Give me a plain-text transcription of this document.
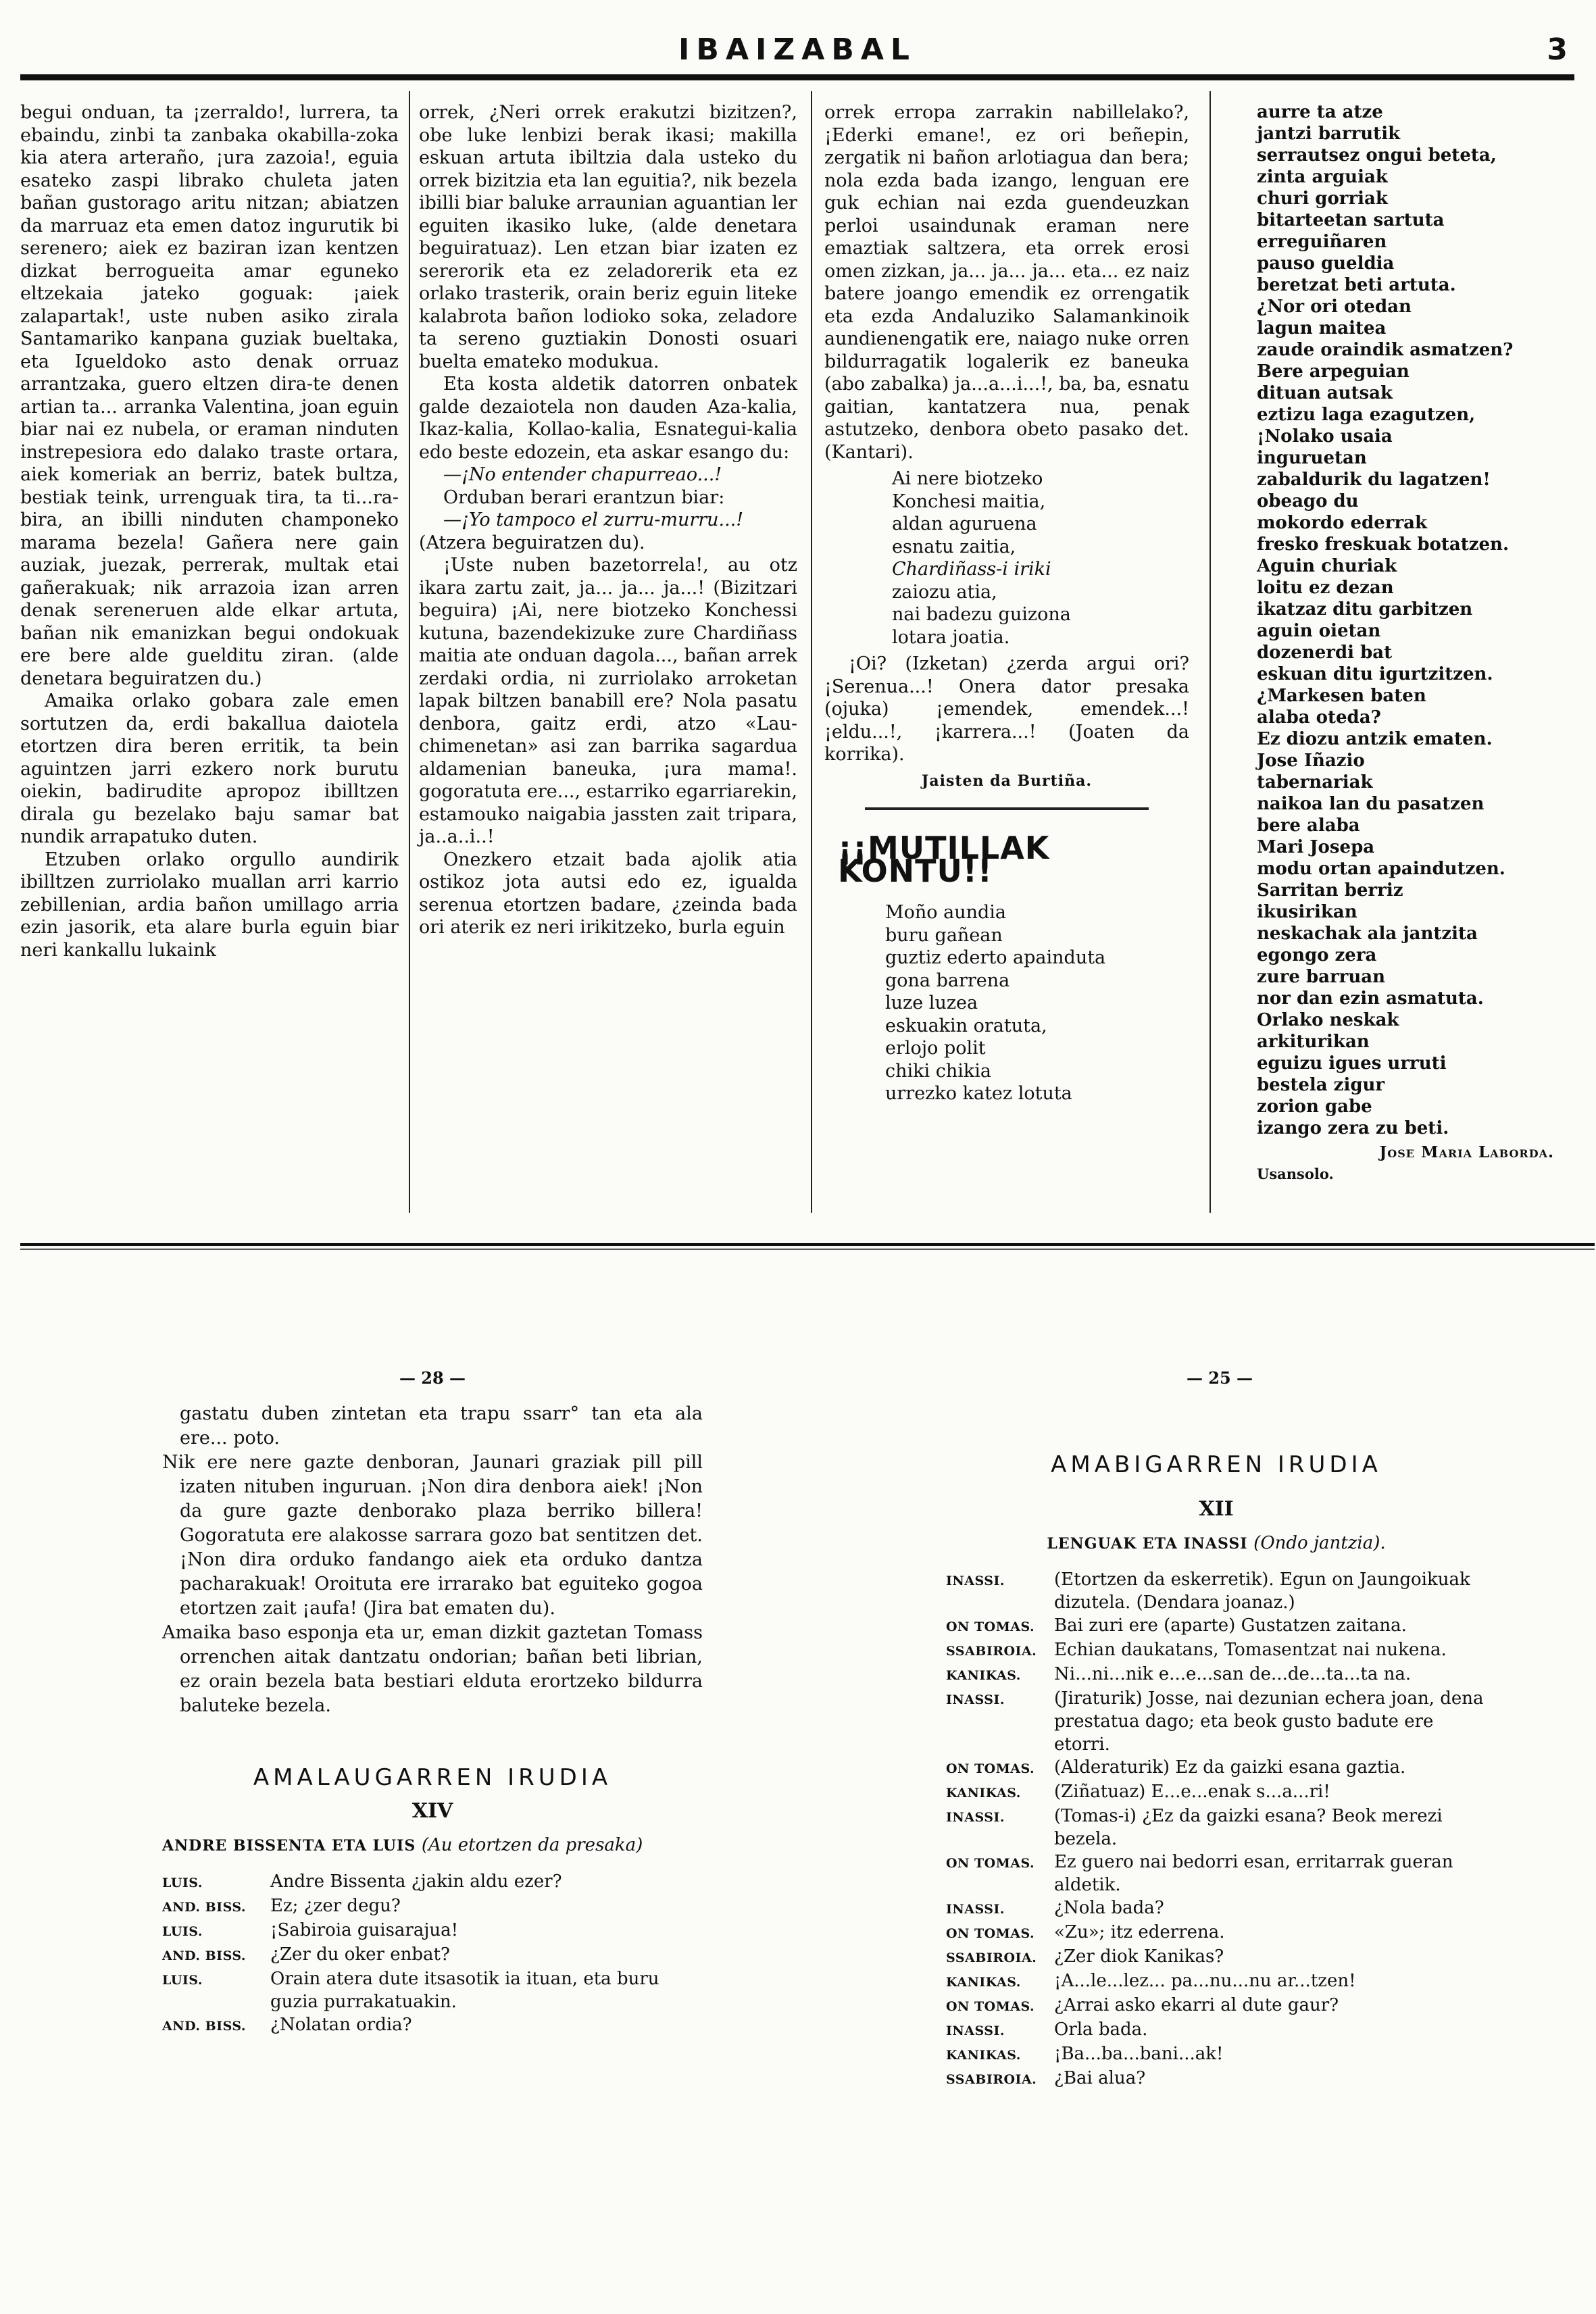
IBAIZABAL	3

begui onduan, ta ¡zerraldo!, lurrera, ta ebaindu, zinbi ta zanbaka okabilla-zoka kia atera arteraño, ¡ura zazoia!, eguia esateko zaspi librako chuleta jaten bañan gustorago aritu nitzan; abiatzen da marruaz eta emen datoz ingurutik bi serenero; aiek ez baziran izan kentzen dizkat berrogueita amar eguneko eltzekaia jateko goguak: ¡aiek zalapartak!, uste nuben asiko zirala Santamariko kanpana guziak bueltaka, eta Igueldoko asto denak orruaz arrantzaka, guero eltzen dira-te denen artian ta... arranka Valentina, joan eguin biar nai ez nubela, or eraman ninduten instrepesiora edo dalako traste ortara, aiek komeriak an berriz, batek bultza, bestiak teink, urrenguak tira, ta ti...ra-bira, an ibilli ninduten champoneko marama bezela! Gañera nere gain auziak, juezak, perrerak, multak etai gañerakuak; nik arrazoia izan arren denak sereneruen alde elkar artuta, bañan nik emanizkan begui ondokuak ere bere alde guelditu ziran. (alde denetara beguiratzen du.)

Amaika orlako gobara zale emen sortutzen da, erdi bakallua daiotela etortzen dira beren erritik, ta bein aguintzen jarri ezkero nork burutu oiekin, badirudite apropoz ibilltzen dirala gu bezelako baju samar bat nundik arrapatuko duten.

Etzuben orlako orgullo aundirik ibilltzen zurriolako muallan arri karrio zebillenian, ardia bañon umillago arria ezin jasorik, eta alare burla eguin biar neri kankallu lukaink

orrek, ¿Neri orrek erakutzi bizitzen?, obe luke lenbizi berak ikasi; makilla eskuan artuta ibiltzia dala usteko du orrek bizitzia eta lan eguitia?, nik bezela ibilli biar baluke arraunian aguantian ler eguiten ikasiko luke, (alde denetara beguiratuaz). Len etzan biar izaten ez sererorik eta ez zeladorerik eta ez orlako trasterik, orain beriz eguin liteke kalabrota bañon lodioko soka, zeladore ta sereno guztiakin Donosti osuari buelta emateko modukua.

Eta kosta aldetik datorren onbatek galde dezaiotela non dauden Aza-kalia, Ikaz-kalia, Kollao-kalia, Esnategui-kalia edo beste edozein, eta askar esango du:

—¡No entender chapurreao...!

Orduban berari erantzun biar:

—¡Yo tampoco el zurru-murru...!

(Atzera beguiratzen du).

¡Uste nuben bazetorrela!, au otz ikara zartu zait, ja... ja... ja...! (Bizitzari beguira) ¡Ai, nere biotzeko Konchessi kutuna, bazendekizuke zure Chardiñass maitia ate onduan dagola..., bañan arrek zerdaki ordia, ni zurriolako arroketan lapak biltzen banabill ere? Nola pasatu denbora, gaitz erdi, atzo «Lau-chimenetan» asi zan barrika sagardua aldamenian baneuka, ¡ura mama!. gogoratuta ere..., estarriko egarriarekin, estamouko naigabia jassten zait tripara, ja..a..i..!

Onezkero etzait bada ajolik atia ostikoz jota autsi edo ez, igualda serenua etortzen badare, ¿zeinda bada ori aterik ez neri irikitzeko, burla eguin

orrek erropa zarrakin nabillelako?, ¡Ederki emane!, ez ori beñepin, zergatik ni bañon arlotiagua dan bera; nola ezda bada izango, lenguan ere guk echian nai ezda guendeuzkan perloi usaindunak eraman nere emaztiak saltzera, eta orrek erosi omen zizkan, ja... ja... ja... eta... ez naiz batere joango emendik ez orrengatik eta ezda Andaluziko Salamankinoik aundienengatik ere, naiago nuke orren bildurragatik logalerik ez baneuka (abo zabalka) ja...a...i...!, ba, ba, esnatu gaitian, kantatzera nua, penak astutzeko, denbora obeto pasako det. (Kantari).

Ai nere biotzeko
Konchesi maitia,
aldan aguruena
esnatu zaitia,
Chardiñass-i iriki
zaiozu atia,
nai badezu guizona
lotara joatia.

¡Oi? (Izketan) ¿zerda argui ori? ¡Serenua...! Onera dator presaka (ojuka) ¡emendek, emendek...! ¡eldu...!, ¡karrera...! (Joaten da korrika).

Jaisten da Burtiña.
¡¡MUTILLAK KONTU!!
Moño aundia
buru gañean
guztiz ederto apainduta
gona barrena
luze luzea
eskuakin oratuta,
erlojo polit
chiki chikia
urrezko katez lotuta
aurre ta atze
jantzi barrutik
serrautsez ongui beteta,
zinta arguiak
churi gorriak
bitarteetan sartuta
erreguiñaren
pauso gueldia
beretzat beti artuta.
¿Nor ori otedan
lagun maitea
zaude oraindik asmatzen?
Bere arpeguian
dituan autsak
eztizu laga ezagutzen,
¡Nolako usaia
inguruetan
zabaldurik du lagatzen!
obeago du
mokordo ederrak
fresko freskuak botatzen.
Aguin churiak
loitu ez dezan
ikatzaz ditu garbitzen
aguin oietan
dozenerdi bat
eskuan ditu igurtzitzen.
¿Markesen baten
alaba oteda?
Ez diozu antzik ematen.
Jose Iñazio
tabernariak
naikoa lan du pasatzen
bere alaba
Mari Josepa
modu ortan apaindutzen.
Sarritan berriz
ikusirikan
neskachak ala jantzita
egongo zera
zure barruan
nor dan ezin asmatuta.
Orlako neskak
arkiturikan
eguizu igues urruti
bestela zigur
zorion gabe
izango zera zu beti.
Jose Maria Laborda.
Usansolo.
— 28 —

gastatu duben zintetan eta trapu ssarr° tan eta ala ere... poto.

Nik ere nere gazte denboran, Jaunari graziak pill pill izaten nituben inguruan. ¡Non dira denbora aiek! ¡Non da gure gazte denborako plaza berriko billera! Gogoratuta ere alakosse sarrara gozo bat sentitzen det. ¡Non dira orduko fandango aiek eta orduko dantza pacharakuak! Oroituta ere irrarako bat eguiteko gogoa etortzen zait ¡aufa! (Jira bat ematen du).

Amaika baso esponja eta ur, eman dizkit gaztetan Tomass orrenchen aitak dantzatu ondorian; bañan beti librian, ez orain bezela bata bestiari elduta erortzeko bildurra baluteke bezela.

AMALAUGARREN IRUDIA
XIV
ANDRE BISSENTA ETA LUIS (Au etortzen da presaka)
LUIS.	Andre Bissenta ¿jakin aldu ezer?
AND. BISS.	Ez; ¿zer degu?
LUIS.	¡Sabiroia guisarajua!
AND. BISS.	¿Zer du oker enbat?
LUIS.	Orain atera dute itsasotik ia ituan, eta buru guzia purrakatuakin.
AND. BISS.	¿Nolatan ordia?
— 25 —
AMABIGARREN IRUDIA
XII
LENGUAK ETA INASSI (Ondo jantzia).
INASSI.	(Etortzen da eskerretik). Egun on Jaungoikuak dizutela. (Dendara joanaz.)
ON TOMAS.	Bai zuri ere (aparte) Gustatzen zaitana.
SSABIROIA.	Echian daukatans, Tomasentzat nai nukena.
KANIKAS.	Ni...ni...nik e...e...san de...de...ta...ta na.
INASSI.	(Jiraturik) Josse, nai dezunian echera joan, dena prestatua dago; eta beok gusto badute ere etorri.
ON TOMAS.	(Alderaturik) Ez da gaizki esana gaztia.
KANIKAS.	(Ziñatuaz) E...e...enak s...a...ri!
INASSI.	(Tomas-i) ¿Ez da gaizki esana? Beok merezi bezela.
ON TOMAS.	Ez guero nai bedorri esan, erritarrak gueran aldetik.
INASSI.	¿Nola bada?
ON TOMAS.	«Zu»; itz ederrena.
SSABIROIA.	¿Zer diok Kanikas?
KANIKAS.	¡A...le...lez... pa...nu...nu ar...tzen!
ON TOMAS.	¿Arrai asko ekarri al dute gaur?
INASSI.	Orla bada.
KANIKAS.	¡Ba...ba...bani...ak!
SSABIROIA.	¿Bai alua?
